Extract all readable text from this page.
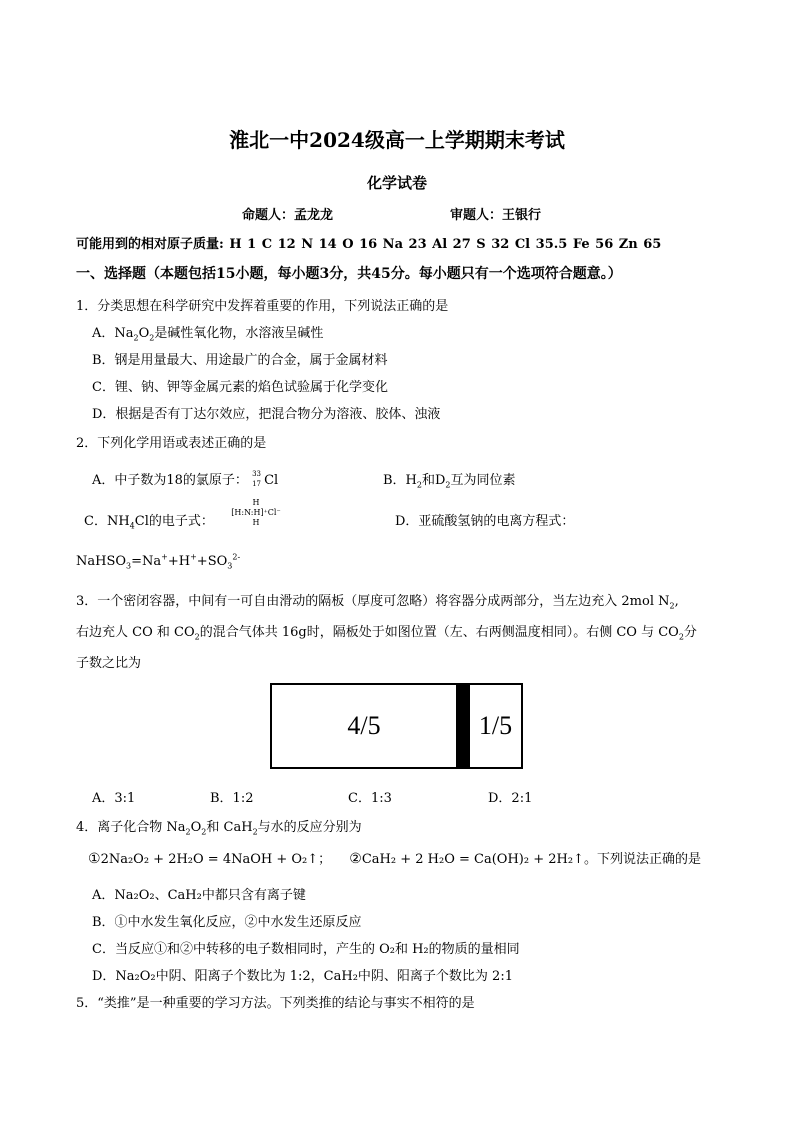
淮北一中2024级高一上学期期末考试
化学试卷
命题人：孟龙龙	审题人：王银行
可能用到的相对原子质量: H 1 C 12 N 14 O 16 Na 23 Al 27 S 32 Cl 35.5 Fe 56 Zn 65
一、选择题（本题包括15小题，每小题3分，共45分。每小题只有一个选项符合题意。）
1．分类思想在科学研究中发挥着重要的作用，下列说法正确的是
A．$Na_2O_2$是碱性氧化物，水溶液呈碱性
B．钢是用量最大、用途最广的合金，属于金属材料
C．锂、钠、钾等金属元素的焰色试验属于化学变化
D．根据是否有丁达尔效应，把混合物分为溶液、胶体、浊液
2．下列化学用语或表述正确的是
A．中子数为18的氯原子： 33
17 Cl	B．$H_2$和$D_2$互为同位素
C．$NH_4Cl$的电子式：
H
[H:N:H]⁺Cl⁻
H	D．亚硫酸氢钠的电离方程式：
$NaHSO_3=Na^++H^++SO_3^{2-}$
3．一个密闭容器，中间有一可自由滑动的隔板（厚度可忽略）将容器分成两部分，当左边充入 2mol $N_2$,
右边充人 CO 和 $CO_2$的混合气体共 16g时，隔板处于如图位置（左、右两侧温度相同）。右侧 CO 与 $CO_2$分
子数之比为
4/5	1/5
A．3:1	B．1:2	C．1:3	D．2:1
4．离子化合物 $Na_2O_2$和 CaH$_2$与水的反应分别为
①2Na₂O₂ + 2H₂O = 4NaOH + O₂↑； ②CaH₂ + 2 H₂O = Ca(OH)₂ + 2H₂↑。下列说法正确的是
A．Na₂O₂、CaH₂中都只含有离子键
B．①中水发生氧化反应，②中水发生还原反应
C．当反应①和②中转移的电子数相同时，产生的 O₂和 H₂的物质的量相同
D．Na₂O₂中阴、阳离子个数比为 1:2，CaH₂中阴、阳离子个数比为 2:1
5．“类推”是一种重要的学习方法。下列类推的结论与事实不相符的是
